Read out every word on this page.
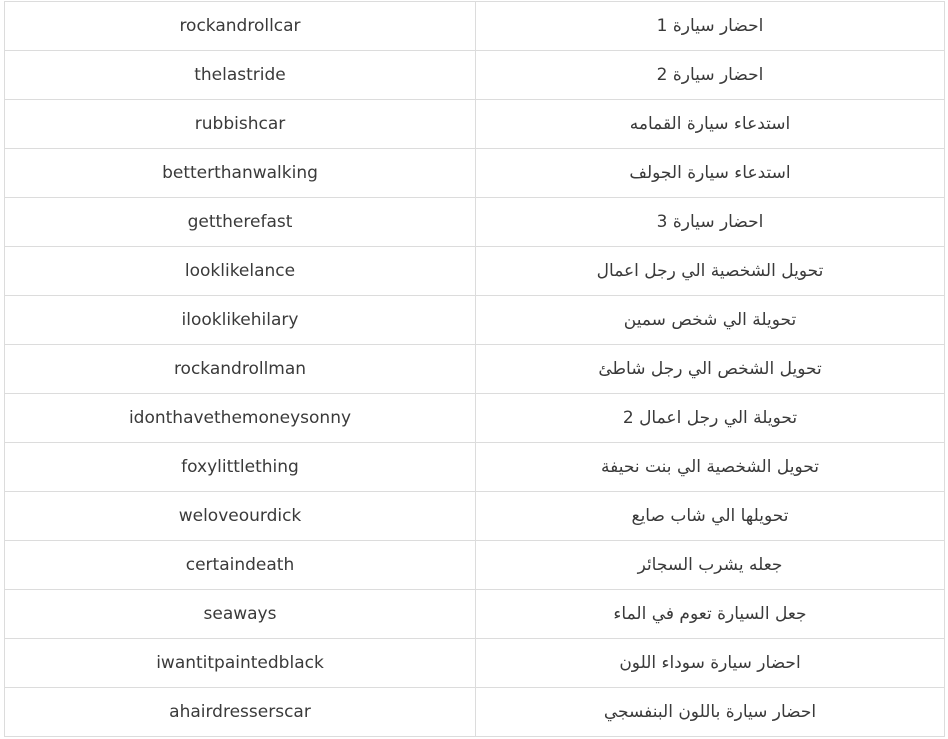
rockandrollcar	احضار سيارة 1
thelastride	احضار سيارة 2
rubbishcar	استدعاء سيارة القمامه
betterthanwalking	استدعاء سيارة الجولف
gettherefast	احضار سيارة 3
looklikelance	تحويل الشخصية الي رجل اعمال
ilooklikehilary	تحويلة الي شخص سمين
rockandrollman	تحويل الشخص الي رجل شاطئ
idonthavethemoneysonny	تحويلة الي رجل اعمال 2
foxylittlething	تحويل الشخصية الي بنت نحيفة
weloveourdick	تحويلها الي شاب صايع
certaindeath	جعله يشرب السجائر
seaways	جعل السيارة تعوم في الماء
iwantitpaintedblack	احضار سيارة سوداء اللون
ahairdresserscar	احضار سيارة باللون البنفسجي
